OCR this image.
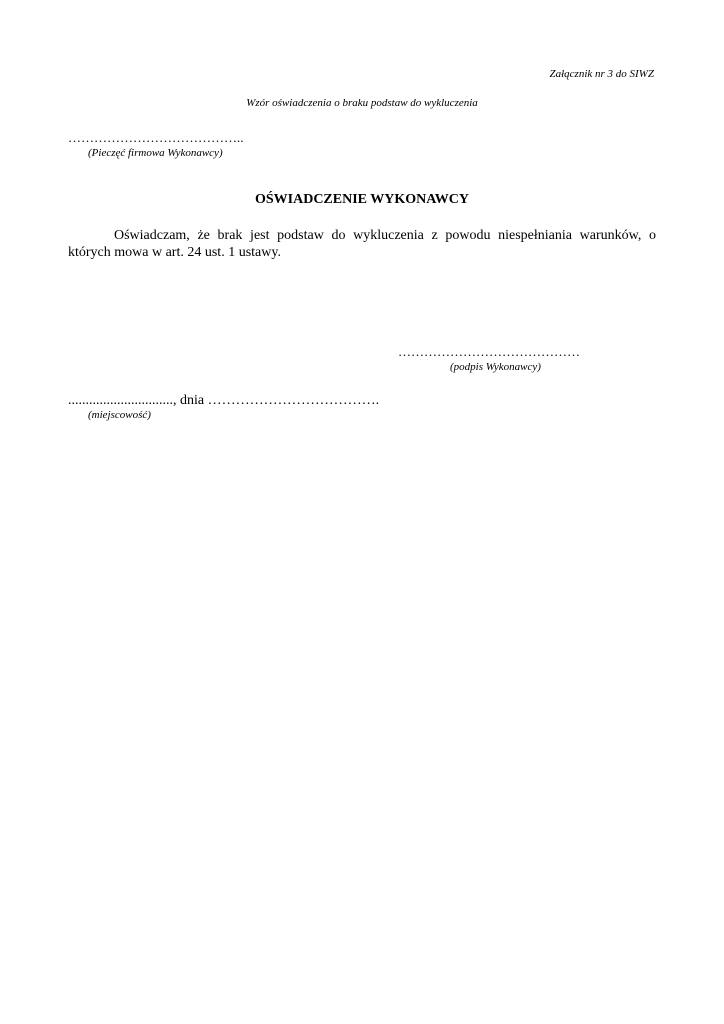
Załącznik nr 3 do SIWZ
Wzór oświadczenia o braku podstaw do wykluczenia
…………………………………..
(Pieczęć firmowa Wykonawcy)
OŚWIADCZENIE WYKONAWCY
Oświadczam, że brak jest podstaw do wykluczenia z powodu niespełniania warunków, o których mowa w art. 24 ust. 1 ustawy.
……………………………………
(podpis Wykonawcy)
.............................., dnia ……………………………….
(miejscowość)
